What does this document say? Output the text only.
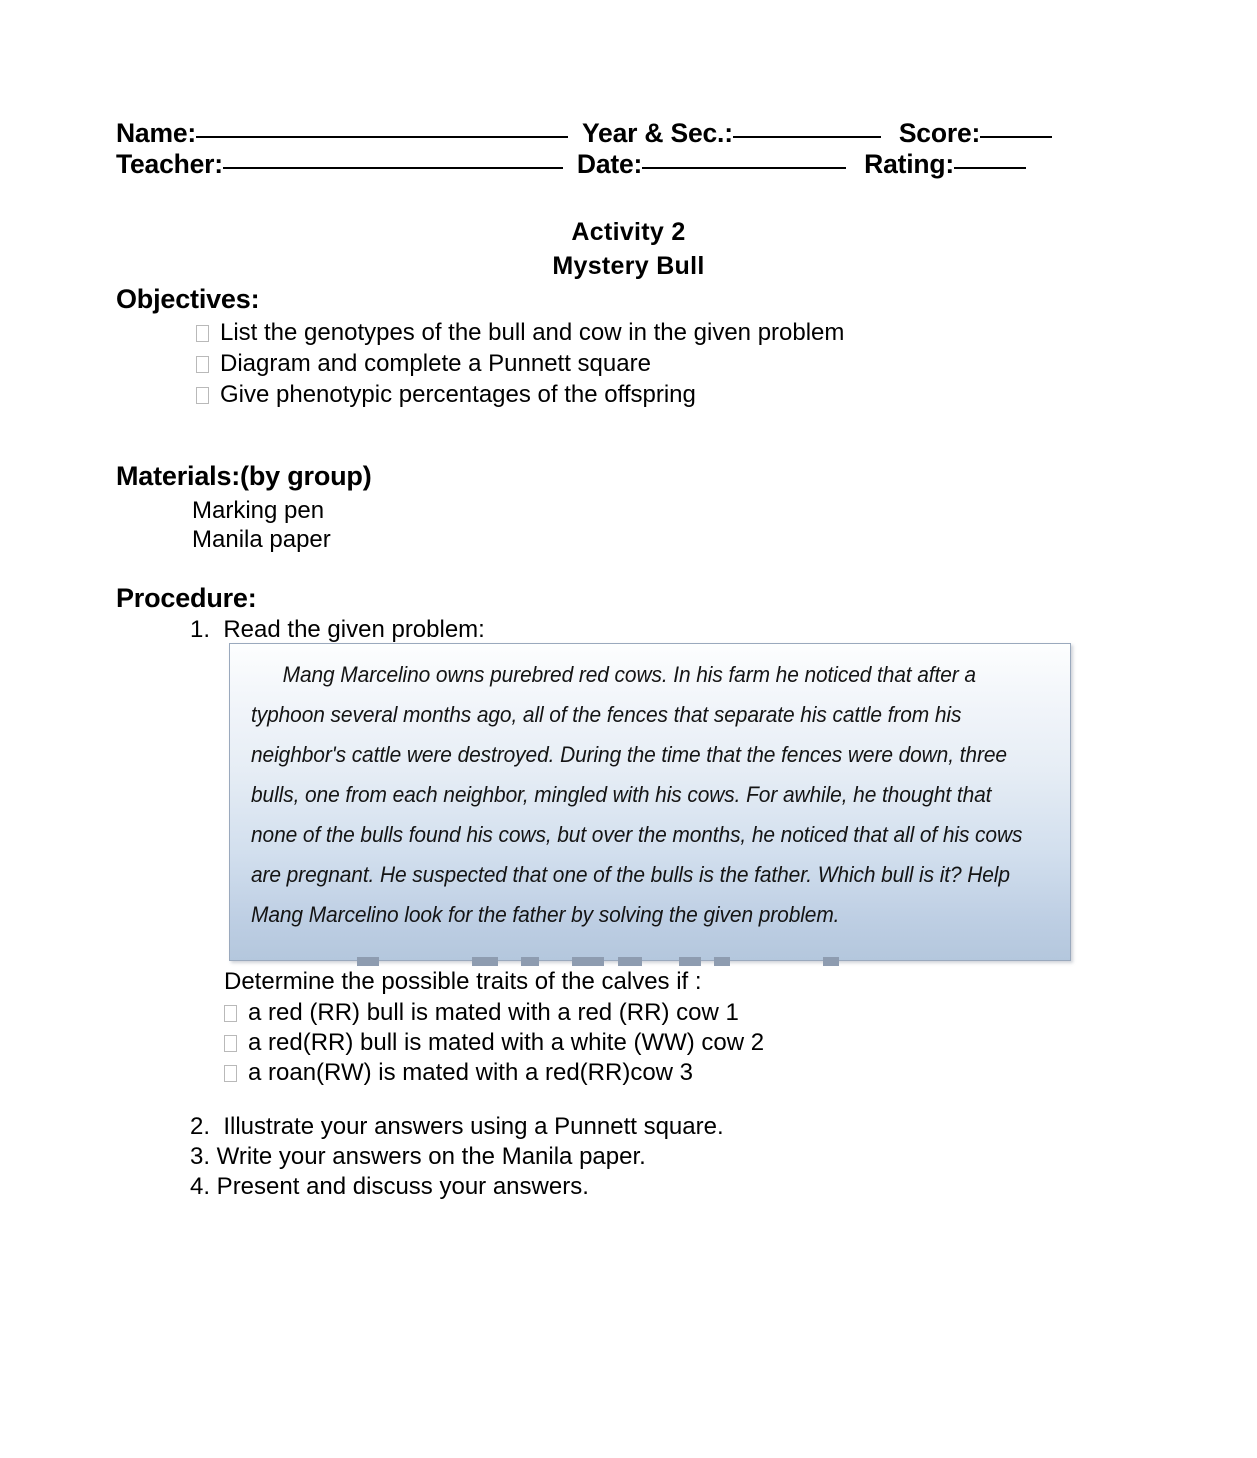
Name:	Year & Sec.:	Score:
Teacher:	Date:	Rating:
Activity 2
Mystery Bull
Objectives:
List the genotypes of the bull and cow in the given problem
Diagram and complete a Punnett square
Give phenotypic percentages of the offspring
Materials:(by group)
Marking pen
Manila paper
Procedure:
1.  Read the given problem:
Mang Marcelino owns purebred red cows. In his farm he noticed that after a
typhoon several months ago, all of the fences that separate his cattle from his
neighbor's cattle were destroyed. During the time that the fences were down, three
bulls, one from each neighbor, mingled with his cows. For awhile, he thought that
none of the bulls found his cows, but over the months, he noticed that all of his cows
are pregnant. He suspected that one of the bulls is the father. Which bull is it? Help
Mang Marcelino look for the father by solving the given problem.
Determine the possible traits of the calves if :
a red (RR) bull is mated with a red (RR) cow 1
a red(RR) bull is mated with a white (WW) cow 2
a roan(RW) is mated with a red(RR)cow 3
2.  Illustrate your answers using a Punnett square.
3. Write your answers on the Manila paper.
4. Present and discuss your answers.
